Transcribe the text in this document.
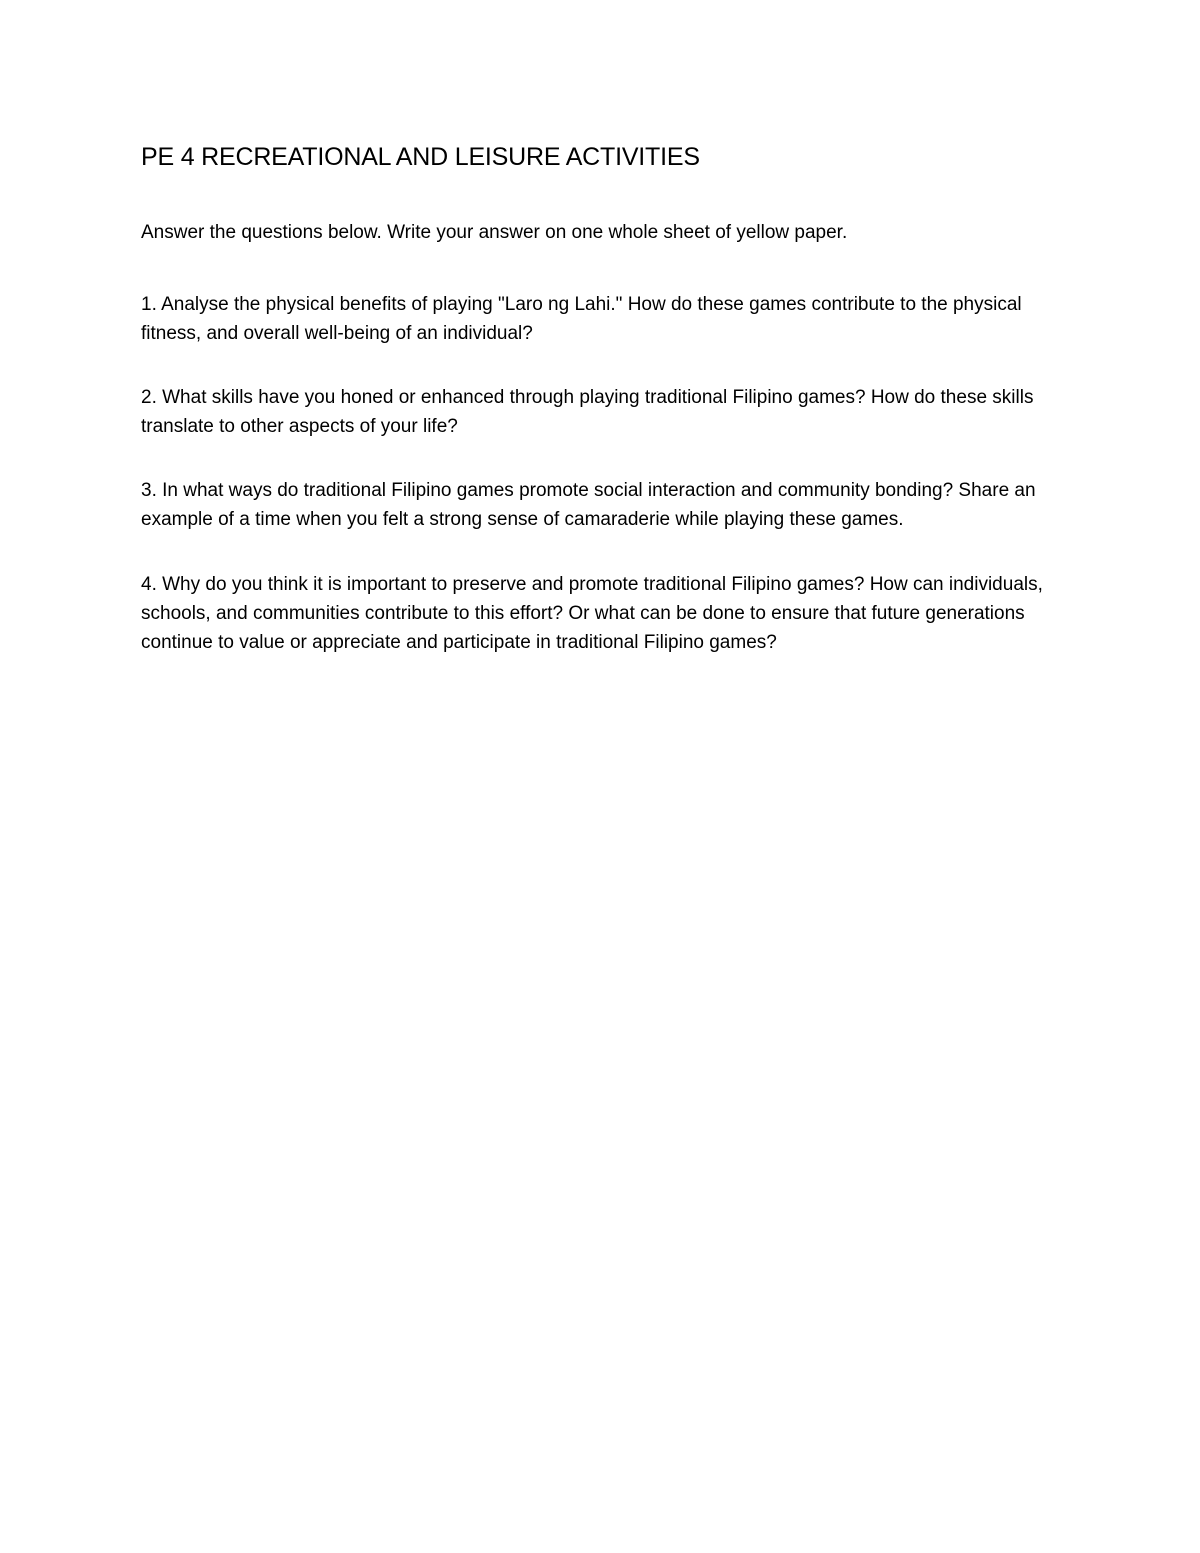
PE 4 RECREATIONAL AND LEISURE ACTIVITIES

Answer the questions below. Write your answer on one whole sheet of yellow paper.

1. Analyse the physical benefits of playing "Laro ng Lahi." How do these games contribute to the physical fitness, and overall well-being of an individual?

2. What skills have you honed or enhanced through playing traditional Filipino games? How do these skills translate to other aspects of your life?

3. In what ways do traditional Filipino games promote social interaction and community bonding? Share an example of a time when you felt a strong sense of camaraderie while playing these games.

4. Why do you think it is important to preserve and promote traditional Filipino games? How can individuals, schools, and communities contribute to this effort? Or what can be done to ensure that future generations continue to value or appreciate and participate in traditional Filipino games?
